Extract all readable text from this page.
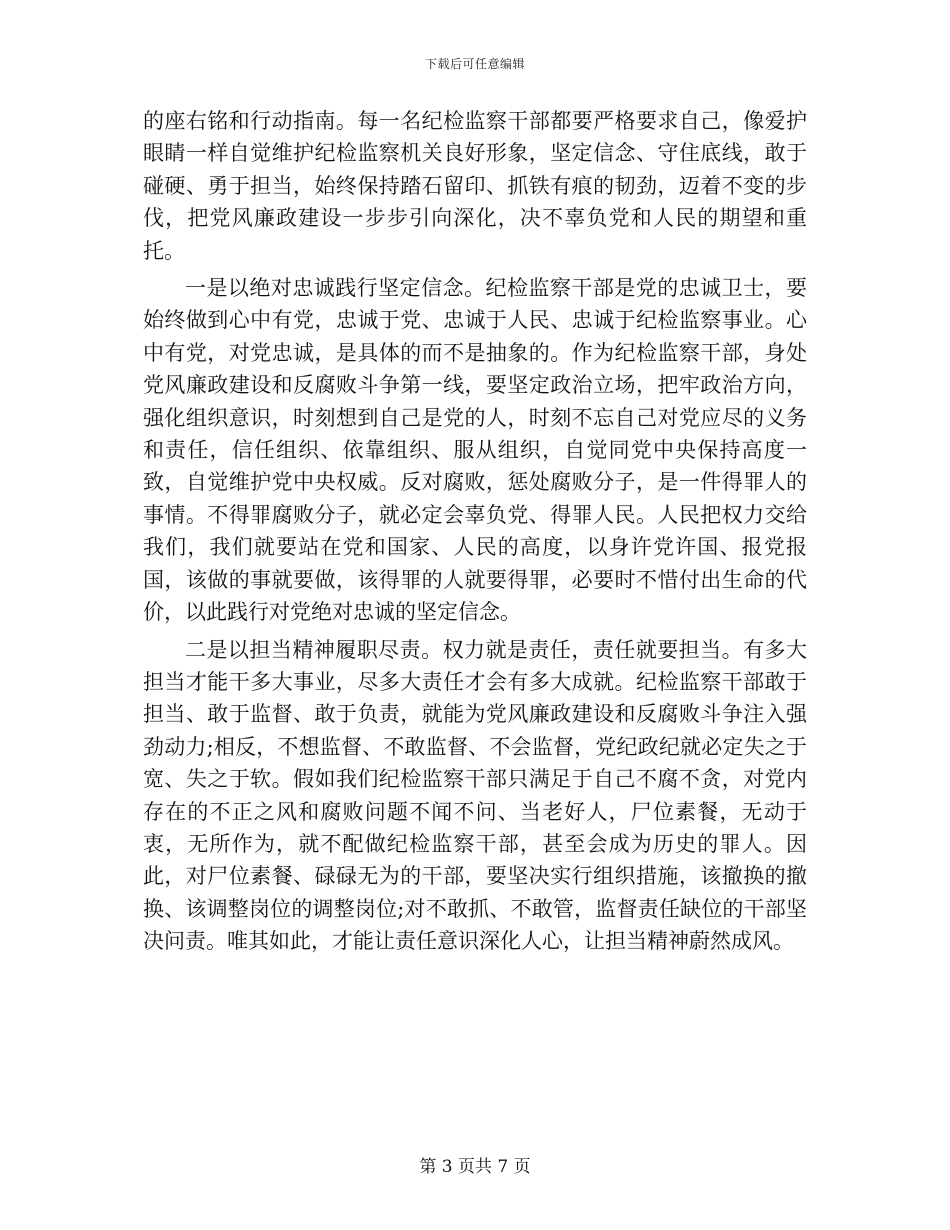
下载后可任意编辑

的座右铭和行动指南。每一名纪检监察干部都要严格要求自己，像爱护眼睛一样自觉维护纪检监察机关良好形象，坚定信念、守住底线，敢于碰硬、勇于担当，始终保持踏石留印、抓铁有痕的韧劲，迈着不变的步伐，把党风廉政建设一步步引向深化，决不辜负党和人民的期望和重托。

一是以绝对忠诚践行坚定信念。纪检监察干部是党的忠诚卫士，要始终做到心中有党，忠诚于党、忠诚于人民、忠诚于纪检监察事业。心中有党，对党忠诚，是具体的而不是抽象的。作为纪检监察干部，身处党风廉政建设和反腐败斗争第一线，要坚定政治立场，把牢政治方向，强化组织意识，时刻想到自己是党的人，时刻不忘自己对党应尽的义务和责任，信任组织、依靠组织、服从组织，自觉同党中央保持高度一致，自觉维护党中央权威。反对腐败，惩处腐败分子，是一件得罪人的事情。不得罪腐败分子，就必定会辜负党、得罪人民。人民把权力交给我们，我们就要站在党和国家、人民的高度，以身许党许国、报党报国，该做的事就要做，该得罪的人就要得罪，必要时不惜付出生命的代价，以此践行对党绝对忠诚的坚定信念。

二是以担当精神履职尽责。权力就是责任，责任就要担当。有多大担当才能干多大事业，尽多大责任才会有多大成就。纪检监察干部敢于担当、敢于监督、敢于负责，就能为党风廉政建设和反腐败斗争注入强劲动力;相反，不想监督、不敢监督、不会监督，党纪政纪就必定失之于宽、失之于软。假如我们纪检监察干部只满足于自己不腐不贪，对党内存在的不正之风和腐败问题不闻不问、当老好人，尸位素餐，无动于衷，无所作为，就不配做纪检监察干部，甚至会成为历史的罪人。因此，对尸位素餐、碌碌无为的干部，要坚决实行组织措施，该撤换的撤换、该调整岗位的调整岗位;对不敢抓、不敢管，监督责任缺位的干部坚决问责。唯其如此，才能让责任意识深化人心，让担当精神蔚然成风。

第 3 页共 7 页
